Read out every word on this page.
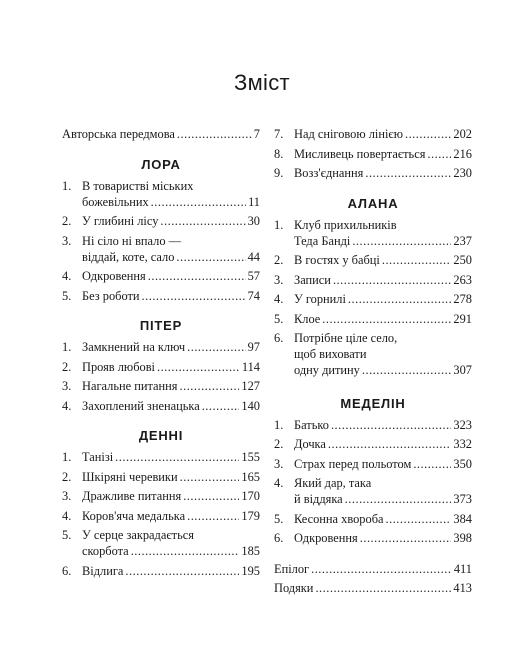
Зміст
Авторська передмова .....	7
ЛОРА
1. В товаристві міських
божевільних .....	11
2. У глибині лісу .....	30
3. Ні сіло ні впало —
віддай, коте, сало .....	44
4. Одкровення .....	57
5. Без роботи .....	74
ПІТЕР
1. Замкнений на ключ .....	97
2. Прояв любові .....	114
3. Нагальне питання .....	127
4. Захоплений зненацька .....	140
ДЕННІ
1. Танізі .....	155
2. Шкіряні черевики .....	165
3. Дражливе питання .....	170
4. Коров'яча медалька .....	179
5. У серце закрадається
скорбота .....	185
6. Відлига .....	195
7. Над сніговою лінією .....	202
8. Мисливець повертається ..... 216
9. Возз'єднання .....	230
АЛАНА
1. Клуб прихильників
Теда Банді .....	237
2. В гостях у бабці .....	250
3. Записи .....	263
4. У горнилі .....	278
5. Клое .....	291
6. Потрібне ціле село,
щоб виховати
одну дитину .....	307
МЕДЕЛІН
1. Батько .....	323
2. Дочка .....	332
3. Страх перед польотом .....	350
4. Який дар, така
й віддяка .....	373
5. Кесонна хвороба .....	384
6. Одкровення .....	398
Епілог .....	411
Подяки .....	413
